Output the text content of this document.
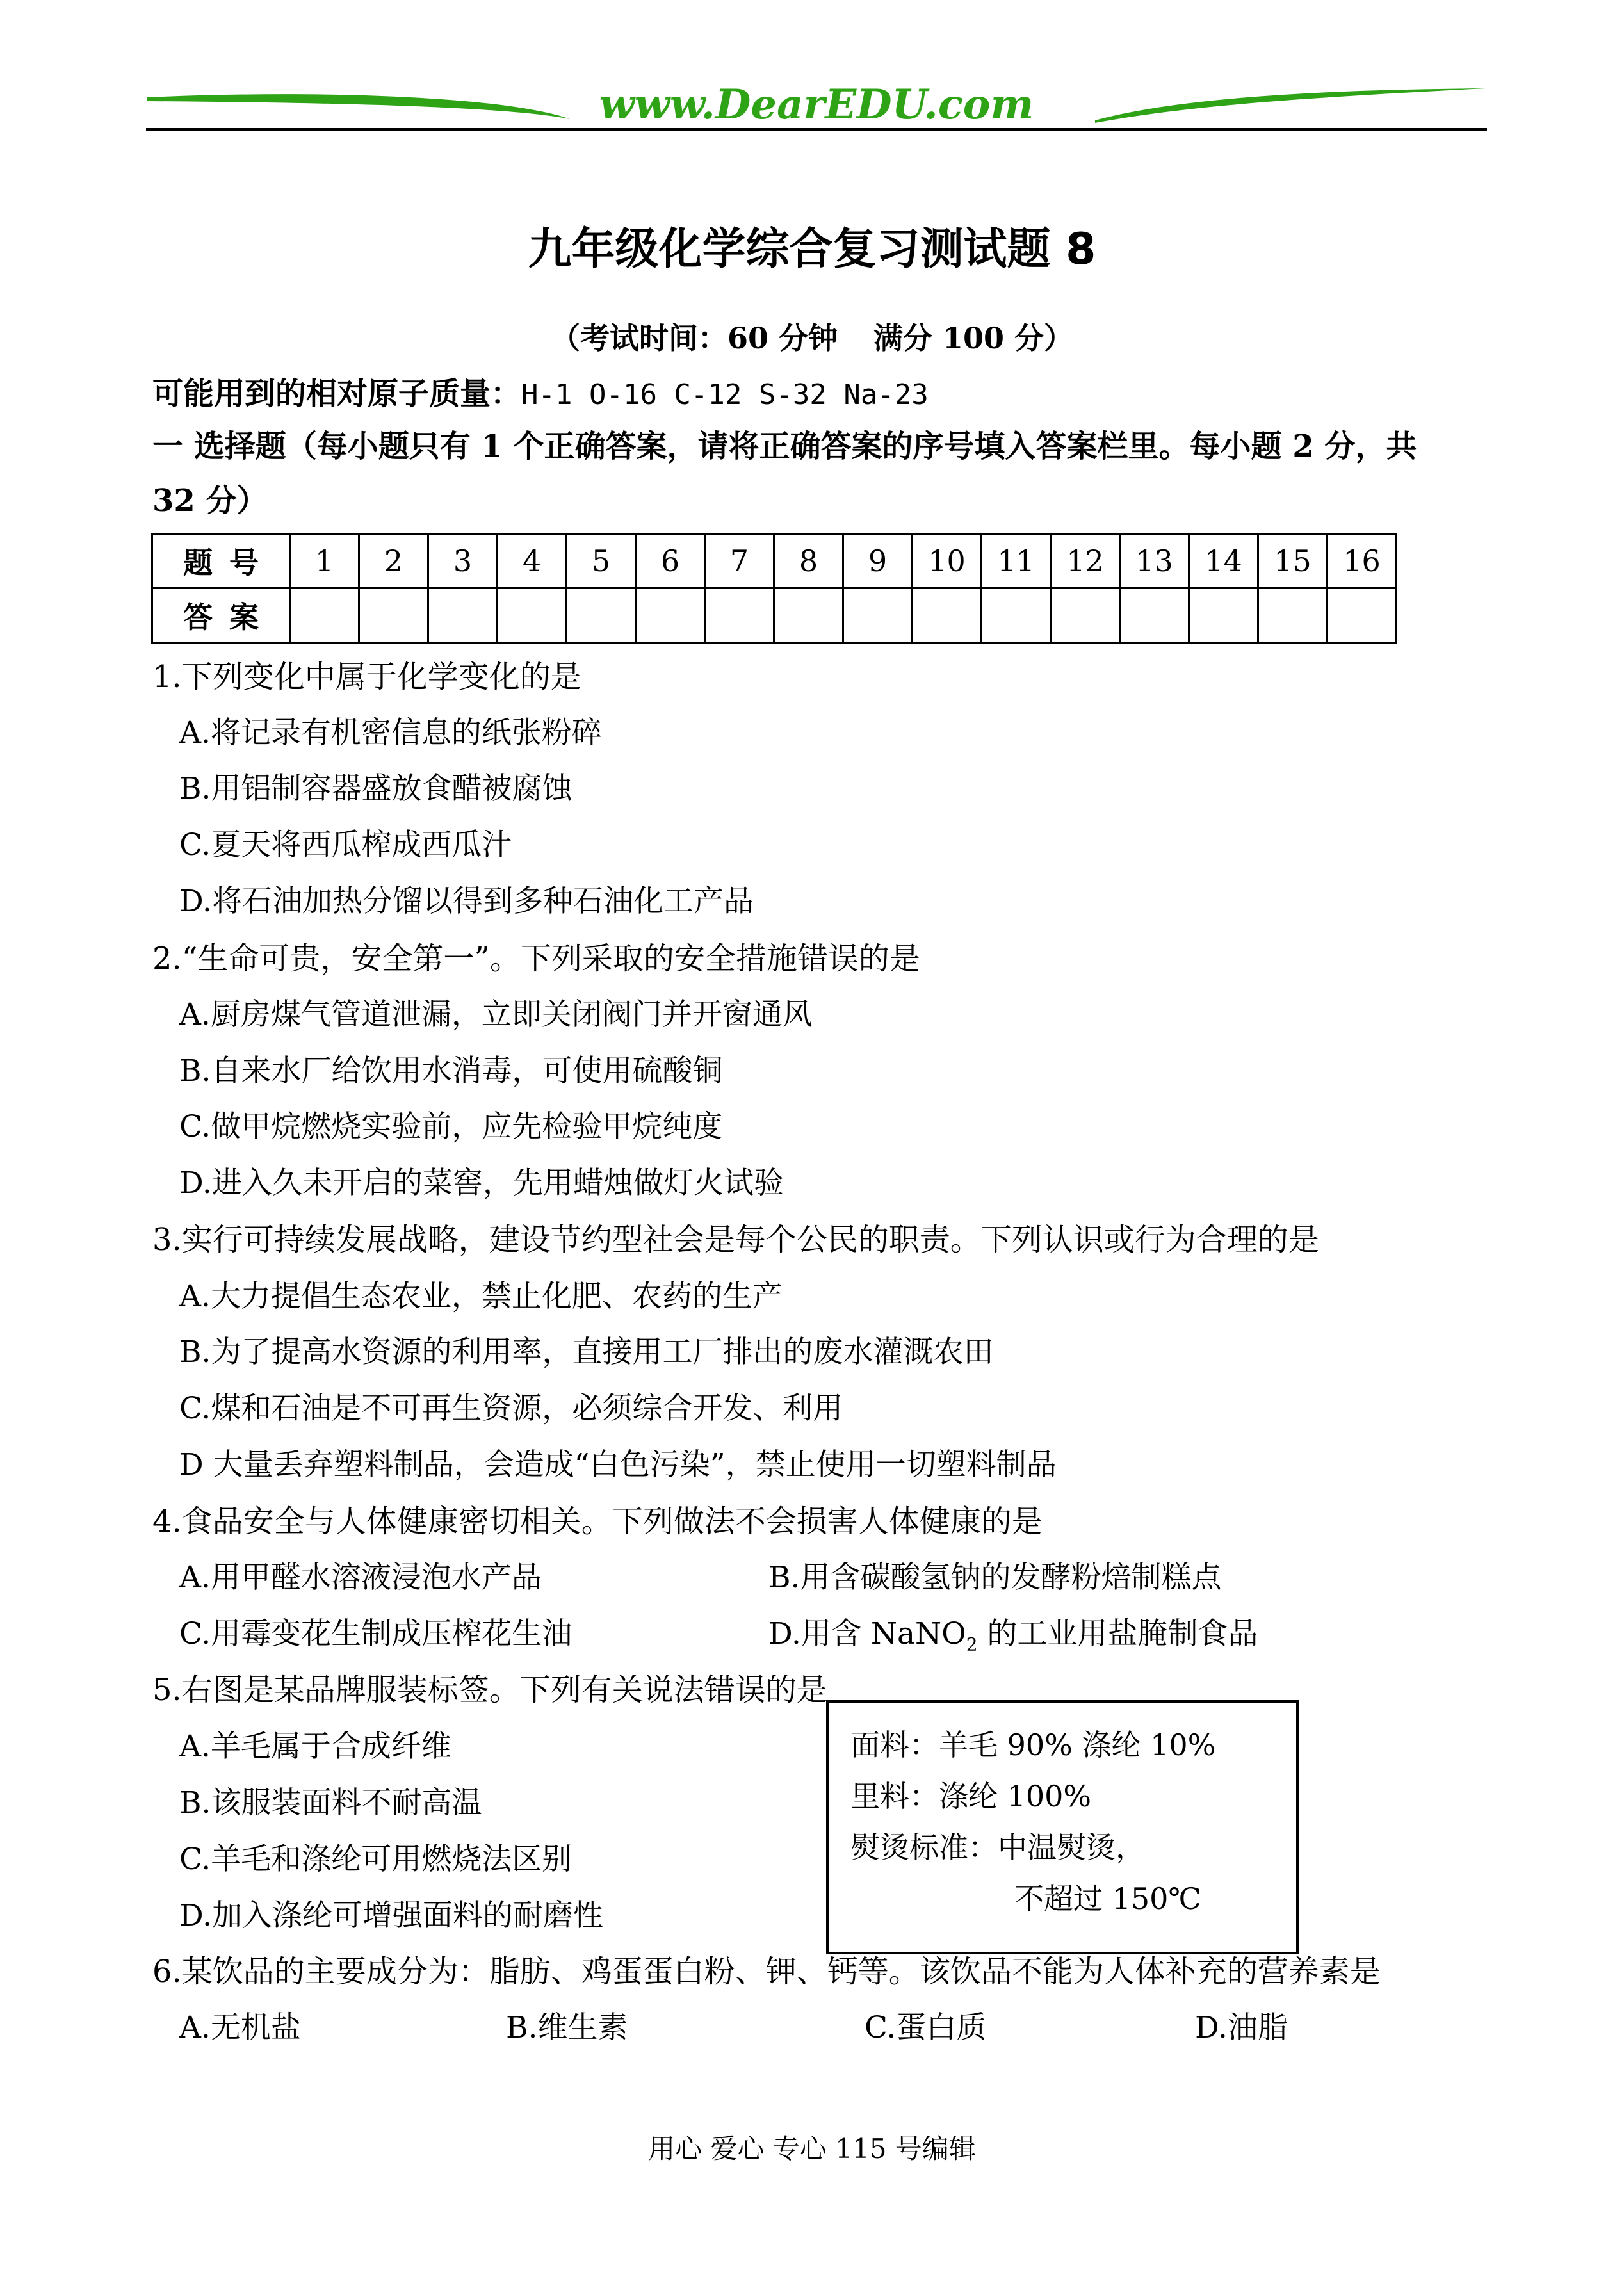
www.DearEDU.com
九年级化学综合复习测试题 8
（考试时间：60 分钟 满分 100 分）
可能用到的相对原子质量：H-1 O-16 C-12 S-32 Na-23
一 选择题（每小题只有 1 个正确答案，请将正确答案的序号填入答案栏里。每小题 2 分，共
32 分）
题号	1	2	3	4	5	6	7	8	9	10	11	12	13	14	15	16
答案																
1.下列变化中属于化学变化的是
A.将记录有机密信息的纸张粉碎
B.用铝制容器盛放食醋被腐蚀
C.夏天将西瓜榨成西瓜汁
D.将石油加热分馏以得到多种石油化工产品
2.“生命可贵，安全第一”。下列采取的安全措施错误的是
A.厨房煤气管道泄漏，立即关闭阀门并开窗通风
B.自来水厂给饮用水消毒，可使用硫酸铜
C.做甲烷燃烧实验前，应先检验甲烷纯度
D.进入久未开启的菜窖，先用蜡烛做灯火试验
3.实行可持续发展战略，建设节约型社会是每个公民的职责。下列认识或行为合理的是
A.大力提倡生态农业，禁止化肥、农药的生产
B.为了提高水资源的利用率，直接用工厂排出的废水灌溉农田
C.煤和石油是不可再生资源，必须综合开发、利用
D 大量丢弃塑料制品，会造成“白色污染”，禁止使用一切塑料制品
4.食品安全与人体健康密切相关。下列做法不会损害人体健康的是
A.用甲醛水溶液浸泡水产品	B.用含碳酸氢钠的发酵粉焙制糕点
C.用霉变花生制成压榨花生油	D.用含 NaNO$_2$ 的工业用盐腌制食品
5.右图是某品牌服装标签。下列有关说法错误的是
A.羊毛属于合成纤维
B.该服装面料不耐高温
C.羊毛和涤纶可用燃烧法区别
D.加入涤纶可增强面料的耐磨性
面料：羊毛 90% 涤纶 10%
里料：涤纶 100%
熨烫标准：中温熨烫，
不超过 150℃
6.某饮品的主要成分为：脂肪、鸡蛋蛋白粉、钾、钙等。该饮品不能为人体补充的营养素是
A.无机盐	B.维生素	C.蛋白质	D.油脂
用心 爱心 专心 115 号编辑
